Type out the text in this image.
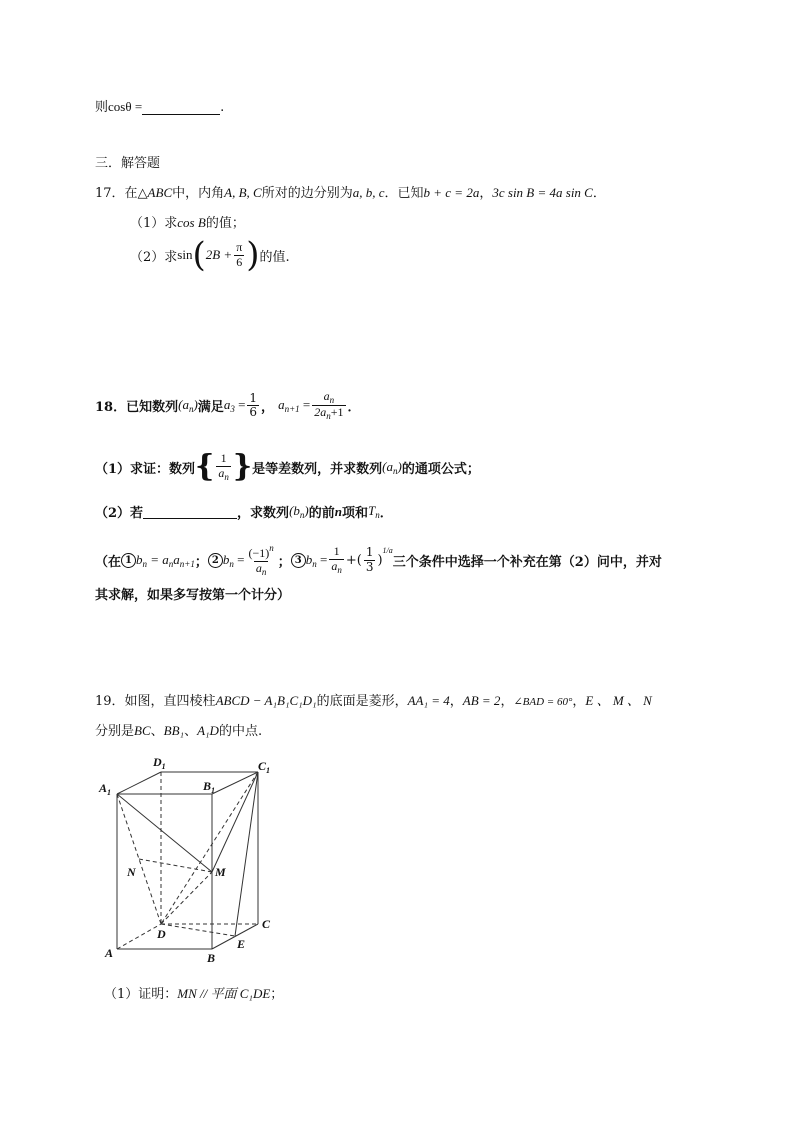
则cosθ =	.
三．解答题
17．在△ABC中，内角A, B, C所对的边分别为a, b, c．已知b + c = 2a，3c sin B = 4a sin C．
（1）求cos B的值；
（2）求 sin ( $2B + \frac{\pi}{6}$ ) 的值.
18． 已知数列 $(a_n)$ 满足 $a_3 = \frac{1}{6}$ ， $a_{n+1} = \frac{a_n}{2a_n+1}$ ．
（1）求证：数列 { $\frac{1}{a_n}$ } 是等差数列，并求数列 $(a_n)$ 的通项公式；
（2）若	，求数列 $(b_n)$ 的前 n 项和 $T_n$ ．
（在 1 $b_n = a_na_{n+1}$ ； 2 $b_n = \frac{(-1)^n}{a_n}$ ； 3 $b_n = \frac{1}{a_n}$ +( $\frac{1}{3}$ )
1/a
三个条件中选择一个补充在第（2）问中，并对
其求解，如果多写按第一个计分）
19．如图，直四棱柱ABCD − A₁B₁C₁D₁的底面是菱形，AA₁ = 4，AB = 2，∠BAD = 60°，E 、 M 、 N
分别是BC、BB₁、A₁D的中点.
$A_1$	$B_1$
$C_1$
$D_1$
M
N
A	B
C
D
E
（1）证明：MN // 平面 C₁DE；
